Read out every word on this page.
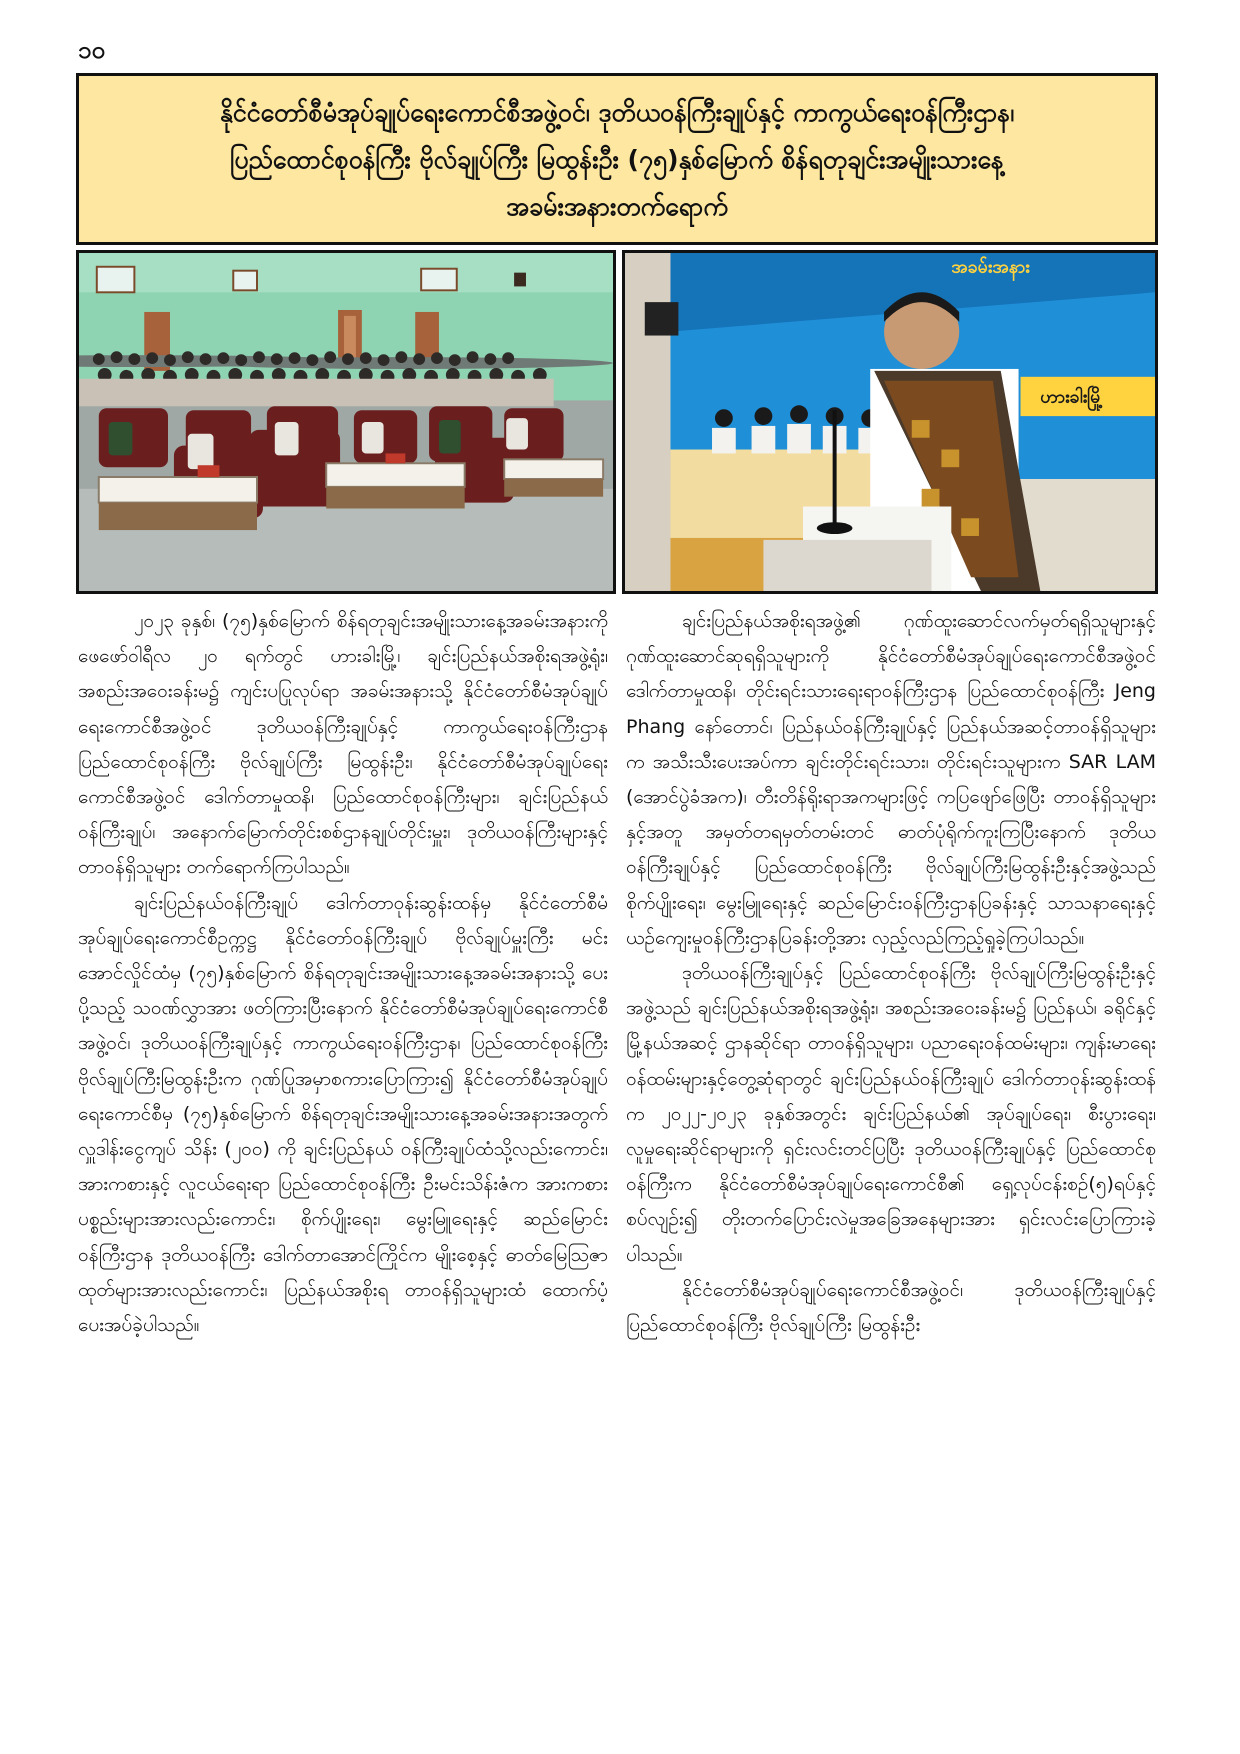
၁၀
နိုင်ငံတော်စီမံအုပ်ချုပ်ရေးကောင်စီအဖွဲ့ဝင်၊ ဒုတိယဝန်ကြီးချုပ်နှင့် ကာကွယ်ရေးဝန်ကြီးဌာန၊
ပြည်ထောင်စုဝန်ကြီး ဗိုလ်ချုပ်ကြီး မြထွန်းဦး (၇၅)နှစ်မြောက် စိန်ရတုချင်းအမျိုးသားနေ့
အခမ်းအနားတက်ရောက်
အခမ်းအနား
ဟားခါးမြို့

၂၀၂၃ ခုနှစ်၊ (၇၅)နှစ်မြောက် စိန်ရတုချင်းအမျိုးသားနေ့အခမ်းအနားကို ဖေဖော်ဝါရီလ ၂၀ ရက်တွင် ဟားခါးမြို့၊ ချင်းပြည်နယ်အစိုးရအဖွဲ့ရုံး၊ အစည်းအဝေးခန်းမ၌ ကျင်းပပြုလုပ်ရာ အခမ်းအနားသို့ နိုင်ငံတော်စီမံအုပ်ချုပ်ရေးကောင်စီအဖွဲ့ဝင် ဒုတိယဝန်ကြီးချုပ်နှင့် ကာကွယ်ရေးဝန်ကြီးဌာန ပြည်ထောင်စုဝန်ကြီး ဗိုလ်ချုပ်ကြီး မြထွန်းဦး၊ နိုင်ငံတော်စီမံအုပ်ချုပ်ရေးကောင်စီအဖွဲ့ဝင် ဒေါက်တာမှုထနိ၊ ပြည်ထောင်စုဝန်ကြီးများ၊ ချင်းပြည်နယ်ဝန်ကြီးချုပ်၊ အနောက်မြောက်တိုင်းစစ်ဌာနချုပ်တိုင်းမှူး၊ ဒုတိယဝန်ကြီးများနှင့် တာဝန်ရှိသူများ တက်ရောက်ကြပါသည်။

ချင်းပြည်နယ်ဝန်ကြီးချုပ် ဒေါက်တာဝုန်းဆွန်းထန်မှ နိုင်ငံတော်စီမံအုပ်ချုပ်ရေးကောင်စီဥက္ကဋ္ဌ နိုင်ငံတော်ဝန်ကြီးချုပ် ဗိုလ်ချုပ်မှူးကြီး မင်းအောင်လှိုင်ထံမှ (၇၅)နှစ်မြောက် စိန်ရတုချင်းအမျိုးသားနေ့အခမ်းအနားသို့ ပေးပို့သည့် သဝဏ်လွှာအား ဖတ်ကြားပြီးနောက် နိုင်ငံတော်စီမံအုပ်ချုပ်ရေးကောင်စီအဖွဲ့ဝင်၊ ဒုတိယဝန်ကြီးချုပ်နှင့် ကာကွယ်ရေးဝန်ကြီးဌာန၊ ပြည်ထောင်စုဝန်ကြီး ဗိုလ်ချုပ်ကြီးမြထွန်းဦးက ဂုဏ်ပြုအမှာစကားပြောကြား၍ နိုင်ငံတော်စီမံအုပ်ချုပ်ရေးကောင်စီမှ (၇၅)နှစ်မြောက် စိန်ရတုချင်းအမျိုးသားနေ့အခမ်းအနားအတွက် လှူဒါန်းငွေကျပ် သိန်း (၂၀၀) ကို ချင်းပြည်နယ် ဝန်ကြီးချုပ်ထံသို့လည်းကောင်း၊ အားကစားနှင့် လူငယ်ရေးရာ ပြည်ထောင်စုဝန်ကြီး ဦးမင်းသိန်းဇံက အားကစားပစ္စည်းများအားလည်းကောင်း၊ စိုက်ပျိုးရေး၊ မွေးမြူရေးနှင့် ဆည်မြောင်းဝန်ကြီးဌာန ဒုတိယဝန်ကြီး ဒေါက်တာအောင်ကြိုင်က မျိုးစေ့နှင့် ဓာတ်မြေဩဇာထုတ်များအားလည်းကောင်း၊ ပြည်နယ်အစိုးရ တာဝန်ရှိသူများထံ ထောက်ပံ့ပေးအပ်ခဲ့ပါသည်။

ချင်းပြည်နယ်အစိုးရအဖွဲ့၏ ဂုဏ်ထူးဆောင်လက်မှတ်ရရှိသူများနှင့် ဂုဏ်ထူးဆောင်ဆုရရှိသူများကို နိုင်ငံတော်စီမံအုပ်ချုပ်ရေးကောင်စီအဖွဲ့ဝင် ဒေါက်တာမှုထနိ၊ တိုင်းရင်းသားရေးရာဝန်ကြီးဌာန ပြည်ထောင်စုဝန်ကြီး Jeng Phang နော်တောင်၊ ပြည်နယ်ဝန်ကြီးချုပ်နှင့် ပြည်နယ်အဆင့်တာဝန်ရှိသူများက အသီးသီးပေးအပ်ကာ ချင်းတိုင်းရင်းသား၊ တိုင်းရင်းသူများက SAR LAM (အောင်ပွဲခံအက)၊ တီးတိန်ရိုးရာအကများဖြင့် ကပြဖျော်ဖြေပြီး တာဝန်ရှိသူများနှင့်အတူ အမှတ်တရမှတ်တမ်းတင် ဓာတ်ပုံရိုက်ကူးကြပြီးနောက် ဒုတိယဝန်ကြီးချုပ်နှင့် ပြည်ထောင်စုဝန်ကြီး ဗိုလ်ချုပ်ကြီးမြထွန်းဦးနှင့်အဖွဲ့သည် စိုက်ပျိုးရေး၊ မွေးမြူရေးနှင့် ဆည်မြောင်းဝန်ကြီးဌာနပြခန်းနှင့် သာသနာရေးနှင့် ယဉ်ကျေးမှုဝန်ကြီးဌာနပြခန်းတို့အား လှည့်လည်ကြည့်ရှုခဲ့ကြပါသည်။

ဒုတိယဝန်ကြီးချုပ်နှင့် ပြည်ထောင်စုဝန်ကြီး ဗိုလ်ချုပ်ကြီးမြထွန်းဦးနှင့်အဖွဲ့သည် ချင်းပြည်နယ်အစိုးရအဖွဲ့ရုံး၊ အစည်းအဝေးခန်းမ၌ ပြည်နယ်၊ ခရိုင်နှင့် မြို့နယ်အဆင့် ဌာနဆိုင်ရာ တာဝန်ရှိသူများ၊ ပညာရေးဝန်ထမ်းများ၊ ကျန်းမာရေးဝန်ထမ်းများနှင့်တွေ့ဆုံရာတွင် ချင်းပြည်နယ်ဝန်ကြီးချုပ် ဒေါက်တာဝုန်းဆွန်းထန်က ၂၀၂၂-၂၀၂၃ ခုနှစ်အတွင်း ချင်းပြည်နယ်၏ အုပ်ချုပ်ရေး၊ စီးပွားရေး၊ လူမှုရေးဆိုင်ရာများကို ရှင်းလင်းတင်ပြပြီး ဒုတိယဝန်ကြီးချုပ်နှင့် ပြည်ထောင်စုဝန်ကြီးက နိုင်ငံတော်စီမံအုပ်ချုပ်ရေးကောင်စီ၏ ရှေ့လုပ်ငန်းစဉ်(၅)ရပ်နှင့်စပ်လျဉ်း၍ တိုးတက်ပြောင်းလဲမှုအခြေအနေများအား ရှင်းလင်းပြောကြားခဲ့ပါသည်။

နိုင်ငံတော်စီမံအုပ်ချုပ်ရေးကောင်စီအဖွဲ့ဝင်၊ ဒုတိယဝန်ကြီးချုပ်နှင့် ပြည်ထောင်စုဝန်ကြီး ဗိုလ်ချုပ်ကြီး မြထွန်းဦး
